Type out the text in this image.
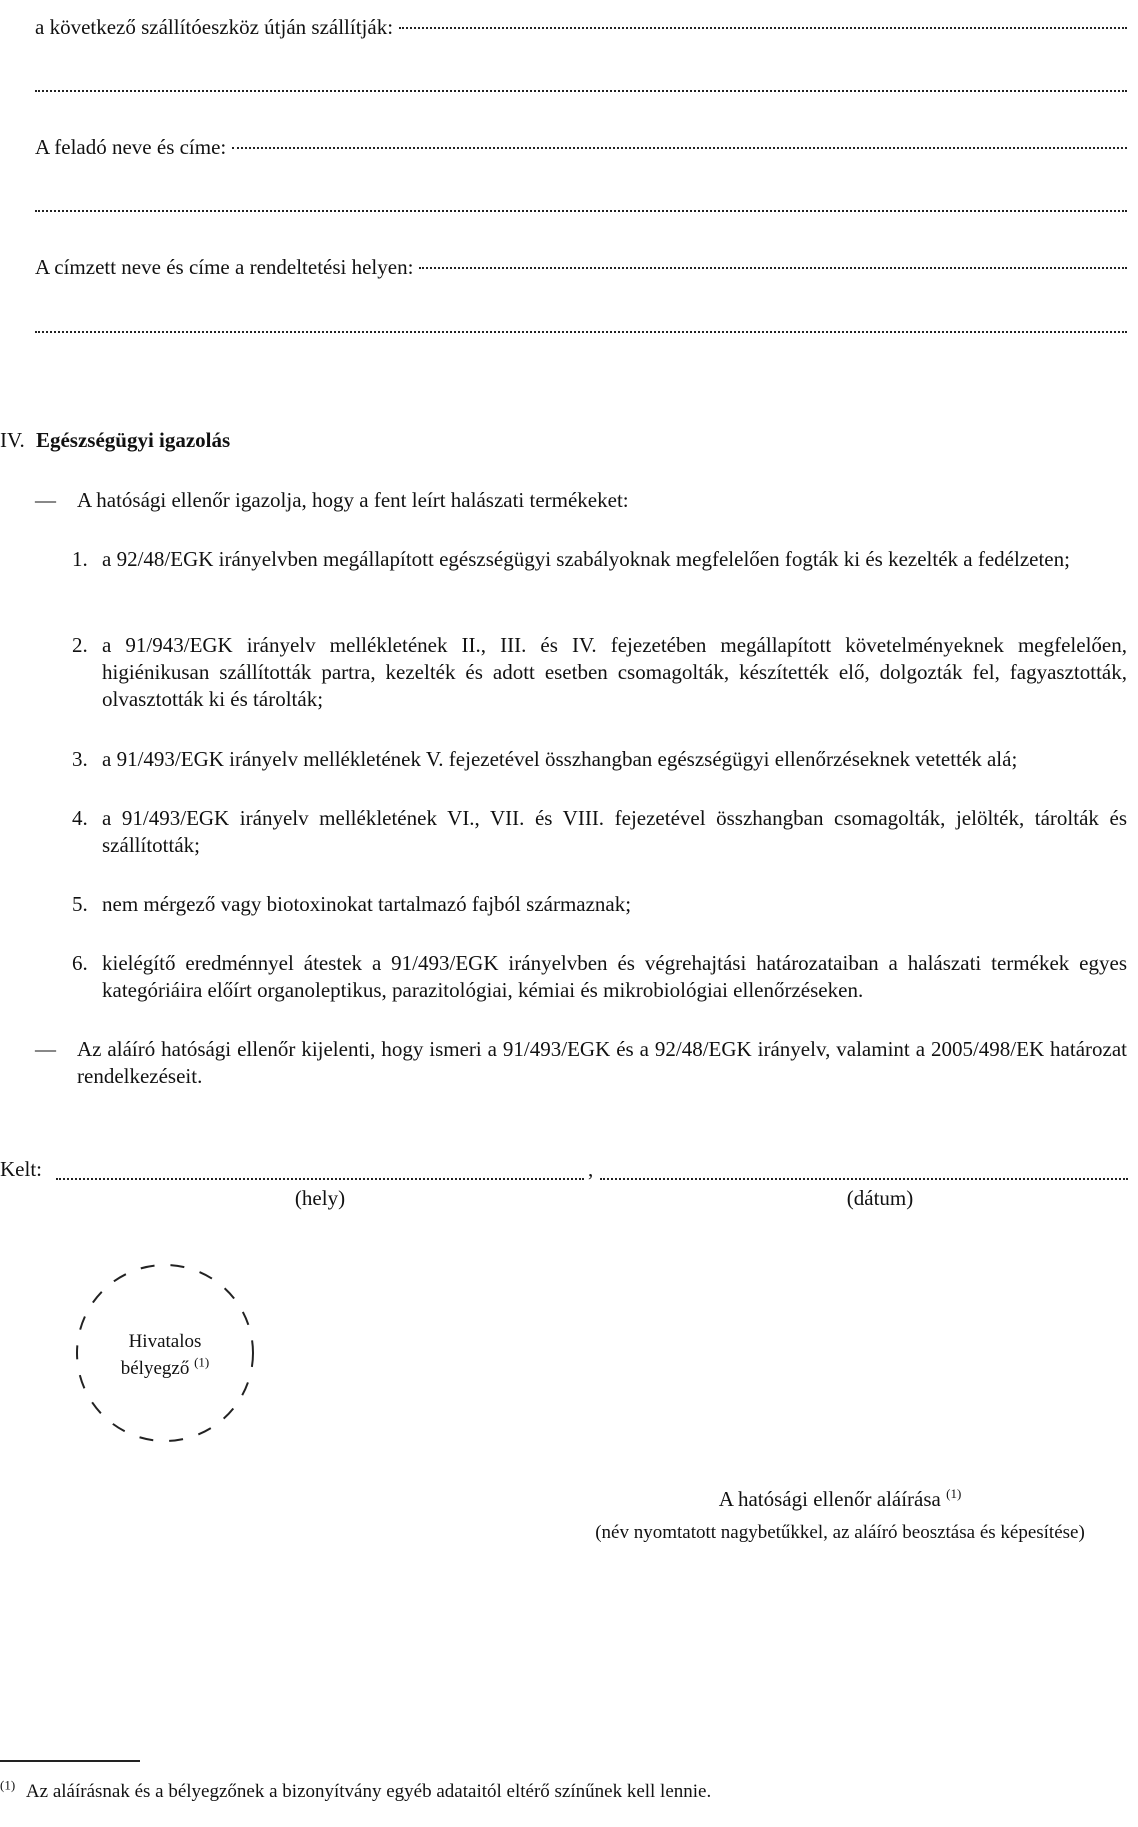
a következő szállítóeszköz útján szállítják:
A feladó neve és címe:
A címzett neve és címe a rendeltetési helyen:
IV. Egészségügyi igazolás
—	A hatósági ellenőr igazolja, hogy a fent leírt halászati termékeket:
1. a 92/48/EGK irányelvben megállapított egészségügyi szabályoknak megfelelően fogták ki és kezelték a fedélzeten;
2. a 91/943/EGK irányelv mellékletének II., III. és IV. fejezetében megállapított követelményeknek megfelelően, higiénikusan szállították partra, kezelték és adott esetben csomagolták, készítették elő, dolgozták fel, fagyasztották, olvasztották ki és tárolták;
3. a 91/493/EGK irányelv mellékletének V. fejezetével összhangban egészségügyi ellenőrzéseknek vetették alá;
4. a 91/493/EGK irányelv mellékletének VI., VII. és VIII. fejezetével összhangban csomagolták, jelölték, tárolták és szállították;
5. nem mérgező vagy biotoxinokat tartalmazó fajból származnak;
6. kielégítő eredménnyel átestek a 91/493/EGK irányelvben és végrehajtási határozataiban a halászati termékek egyes kategóriáira előírt organoleptikus, parazitológiai, kémiai és mikrobiológiai ellenőrzéseken.
—	Az aláíró hatósági ellenőr kijelenti, hogy ismeri a 91/493/EGK és a 92/48/EGK irányelv, valamint a 2005/498/EK határozat rendelkezéseit.
Kelt:	,
(hely)	(dátum)
Hivatalos
bélyegző $^{(1)}$
A hatósági ellenőr aláírása $^{(1)}$
(név nyomtatott nagybetűkkel, az aláíró beosztása és képesítése)
$^{(1)}$ Az aláírásnak és a bélyegzőnek a bizonyítvány egyéb adataitól eltérő színűnek kell lennie.
